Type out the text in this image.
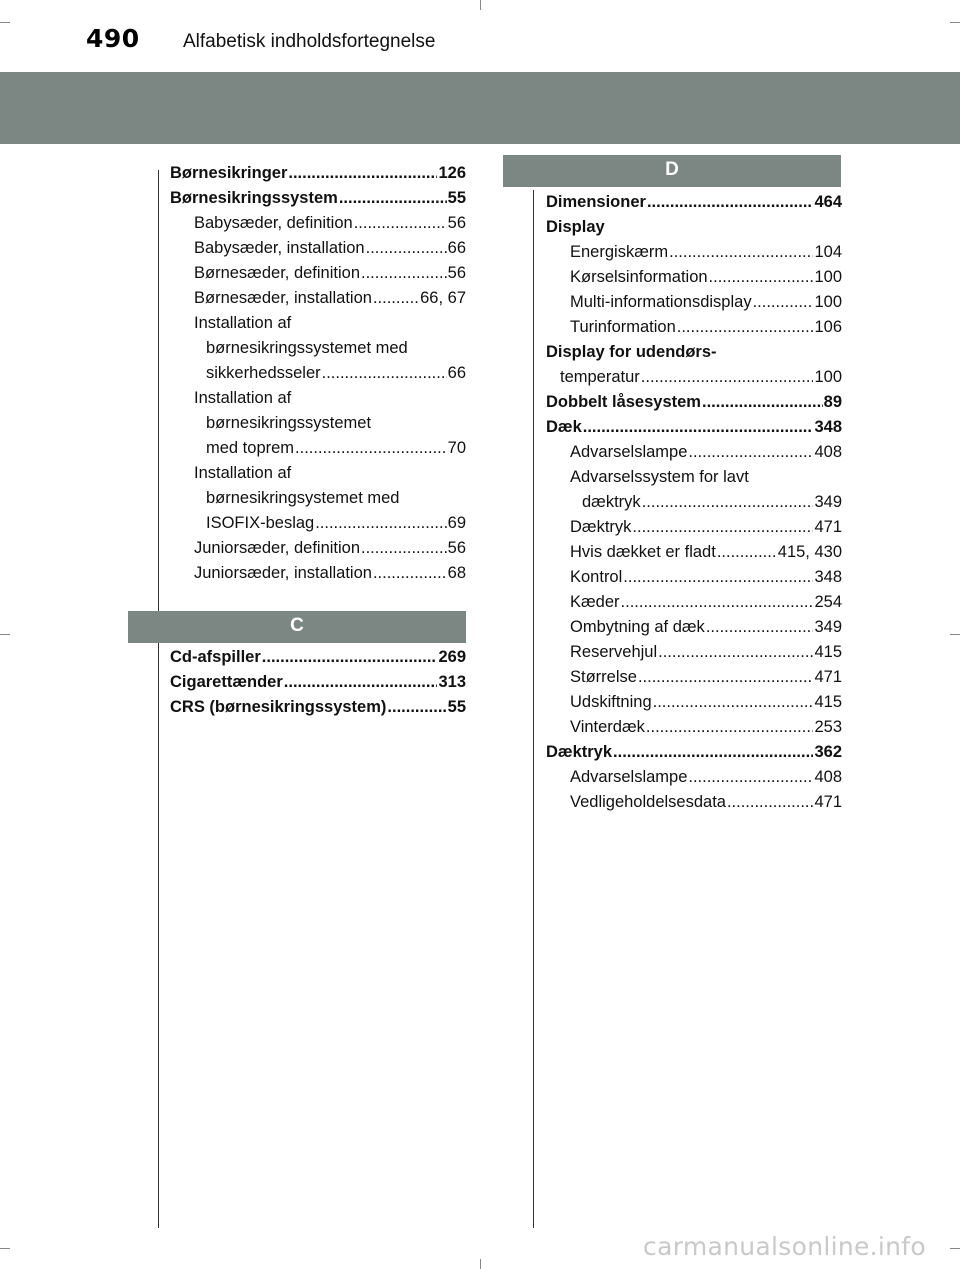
490 Alfabetisk indholdsfortegnelse
Børnesikringer .....	126
Børnesikringssystem .....	55
Babysæder, definition .....	56
Babysæder, installation .....	66
Børnesæder, definition .....	56
Børnesæder, installation .....	66, 67
Installation af
børnesikringssystemet med
sikkerhedsseler .....	66
Installation af
børnesikringssystemet
med toprem .....	70
Installation af
børnesikringsystemet med
ISOFIX-beslag .....	69
Juniorsæder, definition .....	56
Juniorsæder, installation .....	68
C
Cd-afspiller .....	269
Cigarettænder .....	313
CRS (børnesikringssystem) .....	55
D
Dimensioner .....	464
Display
Energiskærm .....	104
Kørselsinformation .....	100
Multi-informationsdisplay .....	100
Turinformation .....	106
Display for udendørs-
temperatur .....	100
Dobbelt låsesystem .....	89
Dæk .....	348
Advarselslampe .....	408
Advarselssystem for lavt
dæktryk .....	349
Dæktryk .....	471
Hvis dækket er fladt .....	415, 430
Kontrol .....	348
Kæder .....	254
Ombytning af dæk .....	349
Reservehjul .....	415
Størrelse .....	471
Udskiftning .....	415
Vinterdæk .....	253
Dæktryk .....	362
Advarselslampe .....	408
Vedligeholdelsesdata .....	471
carmanualsonline.info
